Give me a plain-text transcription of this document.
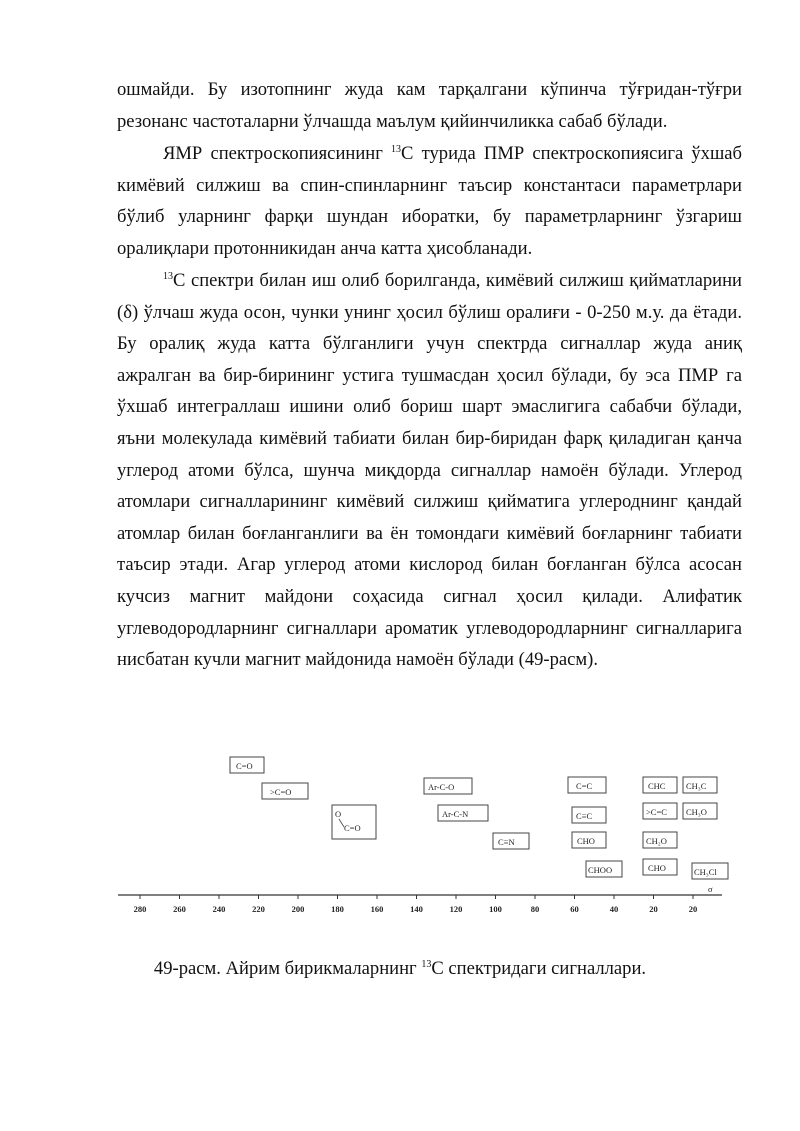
ошмайди. Бу изотопнинг жуда кам тарқалгани кўпинча тўғридан-тўғри резонанс частоталарни ўлчашда маълум қийинчиликка сабаб бўлади.

ЯМР спектроскопиясининг $^{13}$С турида ПМР спектроскопиясига ўхшаб кимёвий силжиш ва спин-спинларнинг таъсир константаси параметрлари бўлиб уларнинг фарқи шундан иборатки, бу параметрларнинг ўзгариш оралиқлари протонникидан анча катта ҳисобланади.

$^{13}$С спектри билан иш олиб борилганда, кимёвий силжиш қийматларини (δ) ўлчаш жуда осон, чунки унинг ҳосил бўлиш оралиғи - 0-250 м.у. да ётади. Бу оралиқ жуда катта бўлганлиги учун спектрда сигналлар жуда аниқ ажралган ва бир-бирининг устига тушмасдан ҳосил бўлади, бу эса ПМР га ўхшаб интеграллаш ишини олиб бориш шарт эмаслигига сабабчи бўлади, яъни молекулада кимёвий табиати билан бир-биридан фарқ қиладиган қанча углерод атоми бўлса, шунча миқдорда сигналлар намоён бўлади. Углерод атомлари сигналларининг кимёвий силжиш қийматига углероднинг қандай атомлар билан боғланганлиги ва ён томондаги кимёвий боғларнинг табиати таъсир этади. Агар углерод атоми кислород билан боғланган бўлса асосан кучсиз магнит майдони соҳасида сигнал ҳосил қилади. Алифатик углеводородларнинг сигналлари ароматик углеводородларнинг сигналларига нисбатан кучли магнит майдонида намоён бўлади (49-расм).

280	260	240	220	200	180	160	140	120	100	80	60	40	20	20
σ
C=O
>C=O
O
C=O
Ar-C-O
Ar-C-N
C≡N
C=C
C≡C
CHO
CHOO
CHC
>C=C
CH₂O
CHO
CH₃C
CH₃O
CH₃Cl

49-расм. Айрим бирикмаларнинг $^{13}$С спектридаги сигналлари.
